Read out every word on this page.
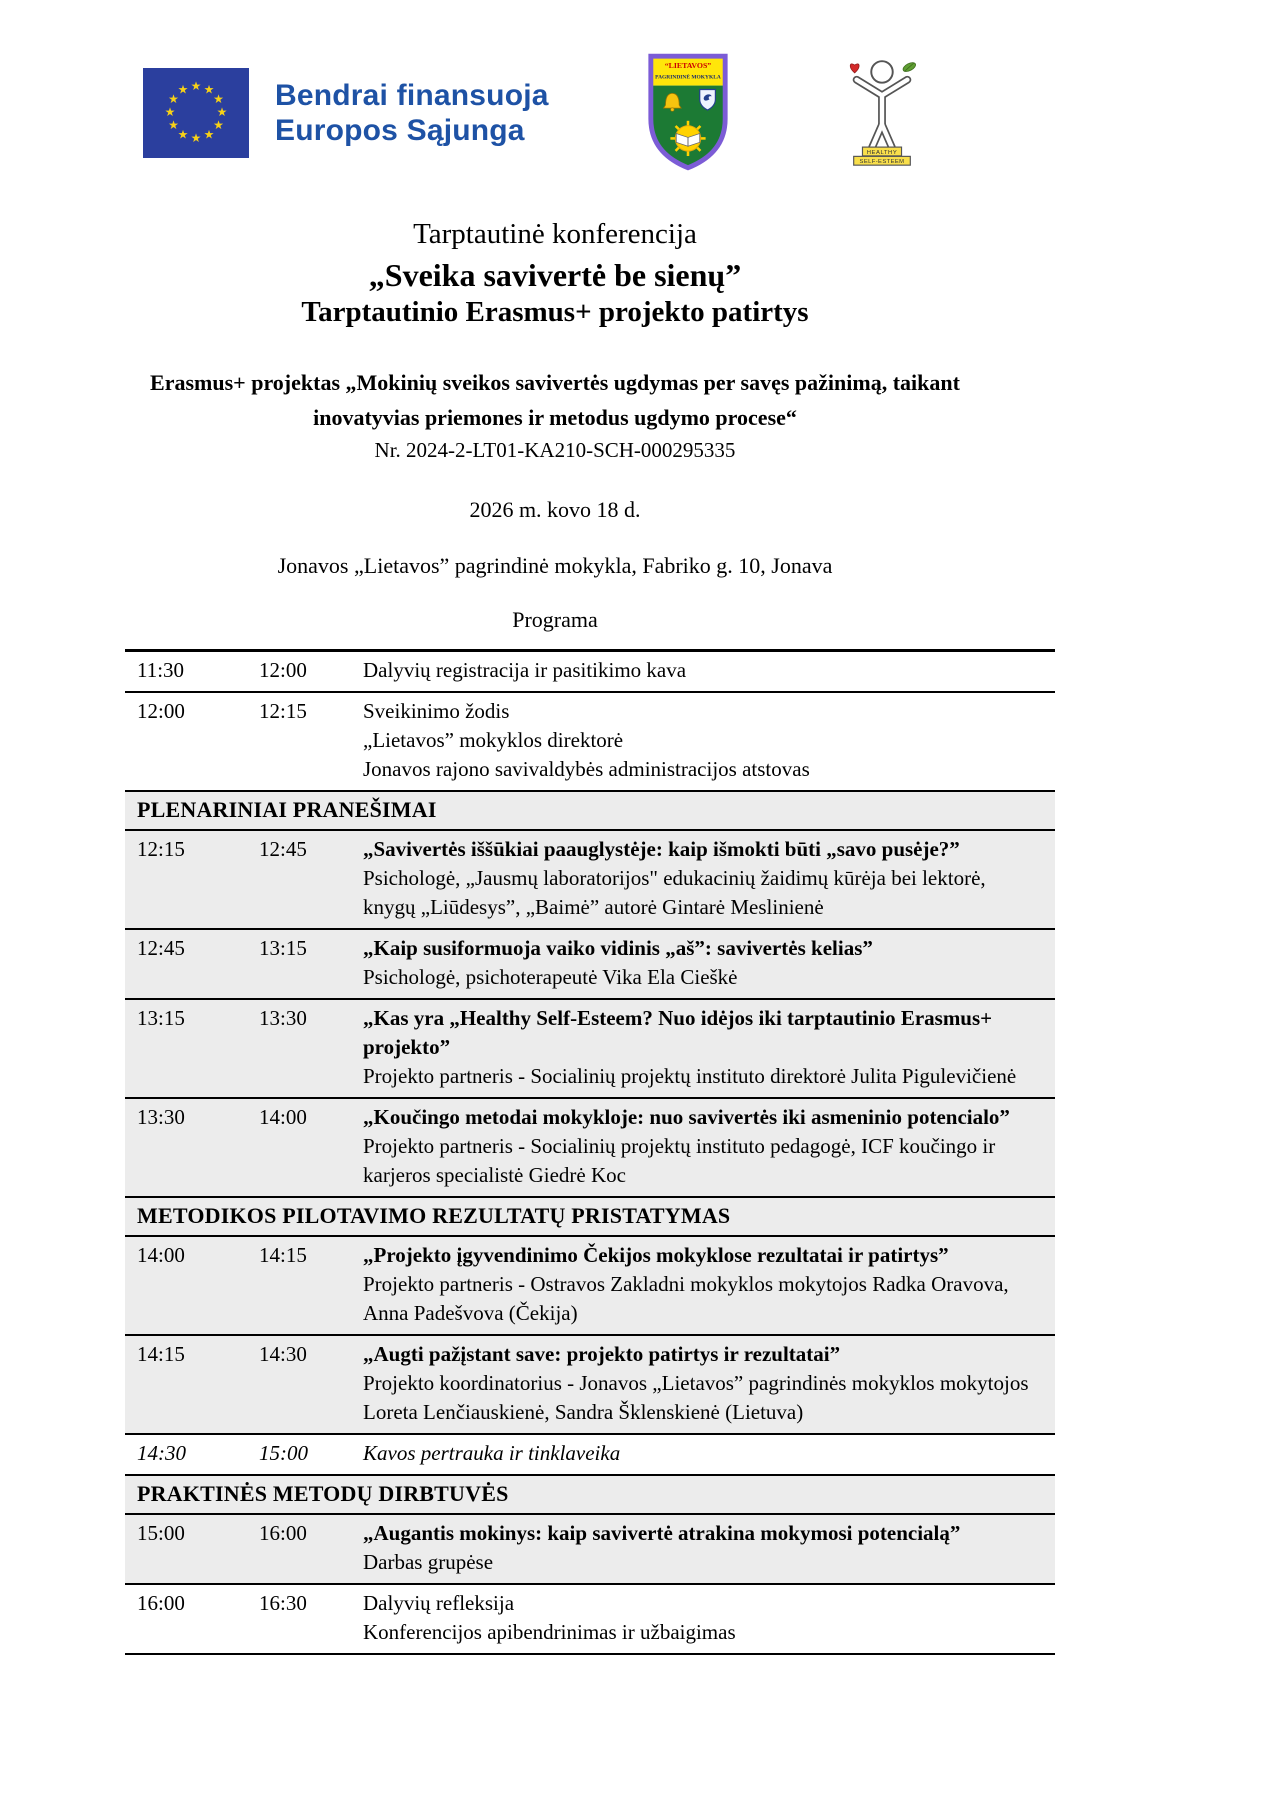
★ ★
★
★
★
★
★
★
★
★
★
★	Bendrai finansuoja
Europos Sąjunga
“LIETAVOS”
PAGRINDINĖ MOKYKLA
HEALTHY
SELF-ESTEEM
Tarptautinė konferencija
„Sveika savivertė be sienų”
Tarptautinio Erasmus+ projekto patirtys
Erasmus+ projektas „Mokinių sveikos savivertės ugdymas per savęs pažinimą, taikant
inovatyvias priemones ir metodus ugdymo procese“
Nr. 2024-2-LT01-KA210-SCH-000295335
2026 m. kovo 18 d.
Jonavos „Lietavos” pagrindinė mokykla, Fabriko g. 10, Jonava
Programa
11:30	12:00	Dalyvių registracija ir pasitikimo kava
12:00	12:15	Sveikinimo žodis
„Lietavos” mokyklos direktorė
Jonavos rajono savivaldybės administracijos atstovas
PLENARINIAI PRANEŠIMAI
12:15	12:45	„Savivertės iššūkiai paauglystėje: kaip išmokti būti „savo pusėje?”
Psichologė, „Jausmų laboratorijos" edukacinių žaidimų kūrėja bei lektorė,
knygų „Liūdesys”, „Baimė” autorė Gintarė Meslinienė
12:45	13:15	„Kaip susiformuoja vaiko vidinis „aš”: savivertės kelias”
Psichologė, psichoterapeutė Vika Ela Cieškė
13:15	13:30	„Kas yra „Healthy Self-Esteem? Nuo idėjos iki tarptautinio Erasmus+ projekto”
Projekto partneris - Socialinių projektų instituto direktorė Julita Pigulevičienė
13:30	14:00	„Koučingo metodai mokykloje: nuo savivertės iki asmeninio potencialo”
Projekto partneris - Socialinių projektų instituto pedagogė, ICF koučingo ir karjeros specialistė Giedrė Koc
METODIKOS PILOTAVIMO REZULTATŲ PRISTATYMAS
14:00	14:15	„Projekto įgyvendinimo Čekijos mokyklose rezultatai ir patirtys”
Projekto partneris - Ostravos Zakladni mokyklos mokytojos Radka Oravova, Anna Padešvova (Čekija)
14:15	14:30	„Augti pažįstant save: projekto patirtys ir rezultatai”
Projekto koordinatorius - Jonavos „Lietavos” pagrindinės mokyklos mokytojos Loreta Lenčiauskienė, Sandra Šklenskienė (Lietuva)
14:30	15:00	Kavos pertrauka ir tinklaveika
PRAKTINĖS METODŲ DIRBTUVĖS
15:00	16:00	„Augantis mokinys: kaip savivertė atrakina mokymosi potencialą”
Darbas grupėse
16:00	16:30	Dalyvių refleksija
Konferencijos apibendrinimas ir užbaigimas
